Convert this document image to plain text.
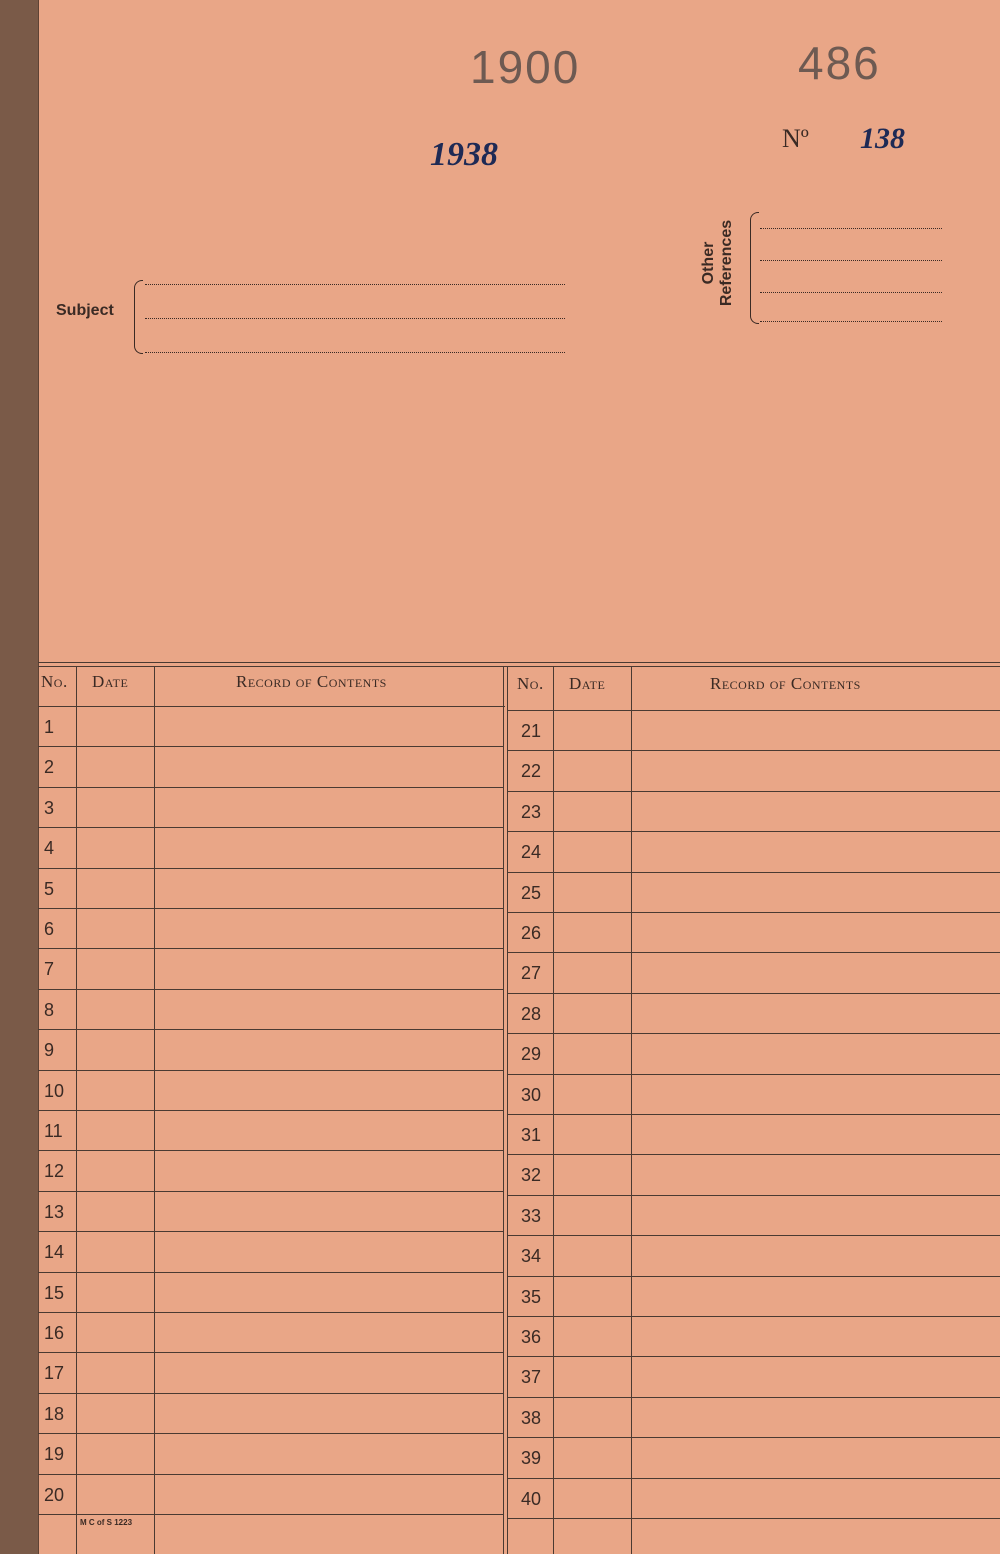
1900	486
1938	Nº 138
Subject
Other References
No. Date	Record of Contents	No. Date	Record of Contents
1
2
3
4
5
6
7
8
9
10
11
12
13
14
15
16
17
18
19
20
21
22
23
24
25
26
27
28
29
30
31
32
33
34
35
36
37
38
39
40
M C of S 1223
